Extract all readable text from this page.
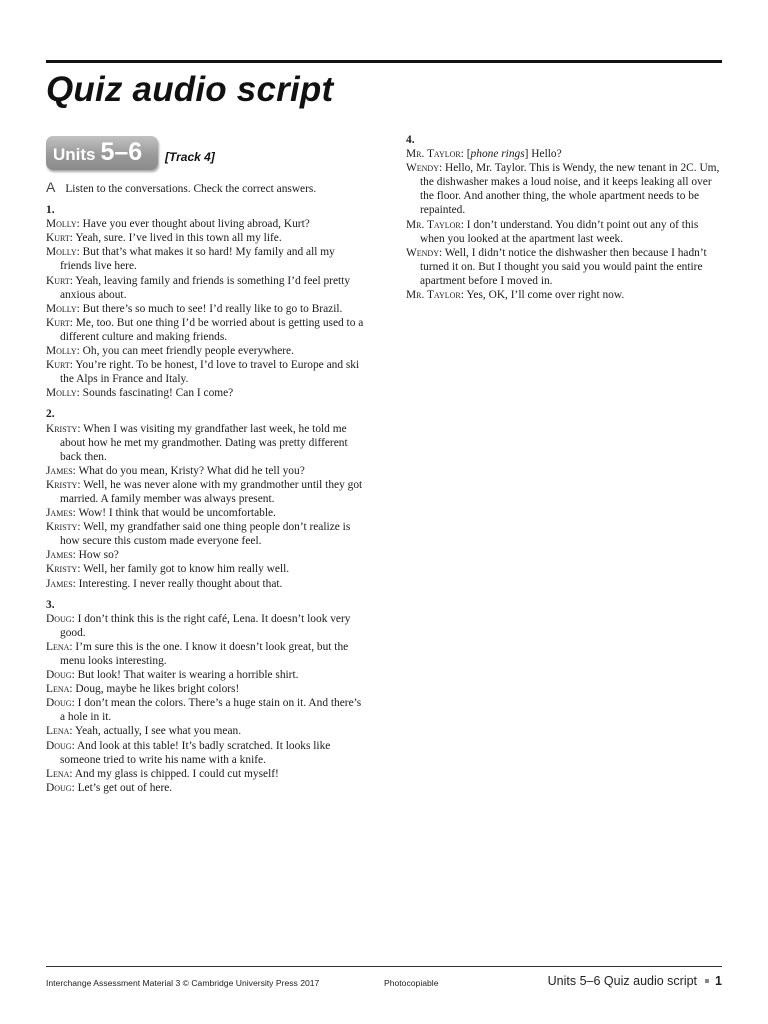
Quiz audio script
Units 5–6 [Track 4]
A Listen to the conversations. Check the correct answers.
1.
Molly: Have you ever thought about living abroad, Kurt?
Kurt: Yeah, sure. I’ve lived in this town all my life.
Molly: But that’s what makes it so hard! My family and all my friends live here.
Kurt: Yeah, leaving family and friends is something I’d feel pretty anxious about.
Molly: But there’s so much to see! I’d really like to go to Brazil.
Kurt: Me, too. But one thing I’d be worried about is getting used to a different culture and making friends.
Molly: Oh, you can meet friendly people everywhere.
Kurt: You’re right. To be honest, I’d love to travel to Europe and ski the Alps in France and Italy.
Molly: Sounds fascinating! Can I come?
2.
Kristy: When I was visiting my grandfather last week, he told me about how he met my grandmother. Dating was pretty different back then.
James: What do you mean, Kristy? What did he tell you?
Kristy: Well, he was never alone with my grandmother until they got married. A family member was always present.
James: Wow! I think that would be uncomfortable.
Kristy: Well, my grandfather said one thing people don’t realize is how secure this custom made everyone feel.
James: How so?
Kristy: Well, her family got to know him really well.
James: Interesting. I never really thought about that.
3.
Doug: I don’t think this is the right café, Lena. It doesn’t look very good.
Lena: I’m sure this is the one. I know it doesn’t look great, but the menu looks interesting.
Doug: But look! That waiter is wearing a horrible shirt.
Lena: Doug, maybe he likes bright colors!
Doug: I don’t mean the colors. There’s a huge stain on it. And there’s a hole in it.
Lena: Yeah, actually, I see what you mean.
Doug: And look at this table! It’s badly scratched. It looks like someone tried to write his name with a knife.
Lena: And my glass is chipped. I could cut myself!
Doug: Let’s get out of here.
4.
Mr. Taylor: [phone rings] Hello?
Wendy: Hello, Mr. Taylor. This is Wendy, the new tenant in 2C. Um, the dishwasher makes a loud noise, and it keeps leaking all over the floor. And another thing, the whole apartment needs to be repainted.
Mr. Taylor: I don’t understand. You didn’t point out any of this when you looked at the apartment last week.
Wendy: Well, I didn’t notice the dishwasher then because I hadn’t turned it on. But I thought you said you would paint the entire apartment before I moved in.
Mr. Taylor: Yes, OK, I’ll come over right now.
Interchange Assessment Material 3 © Cambridge University Press 2017	Photocopiable	Units 5–6 Quiz audio script 1
